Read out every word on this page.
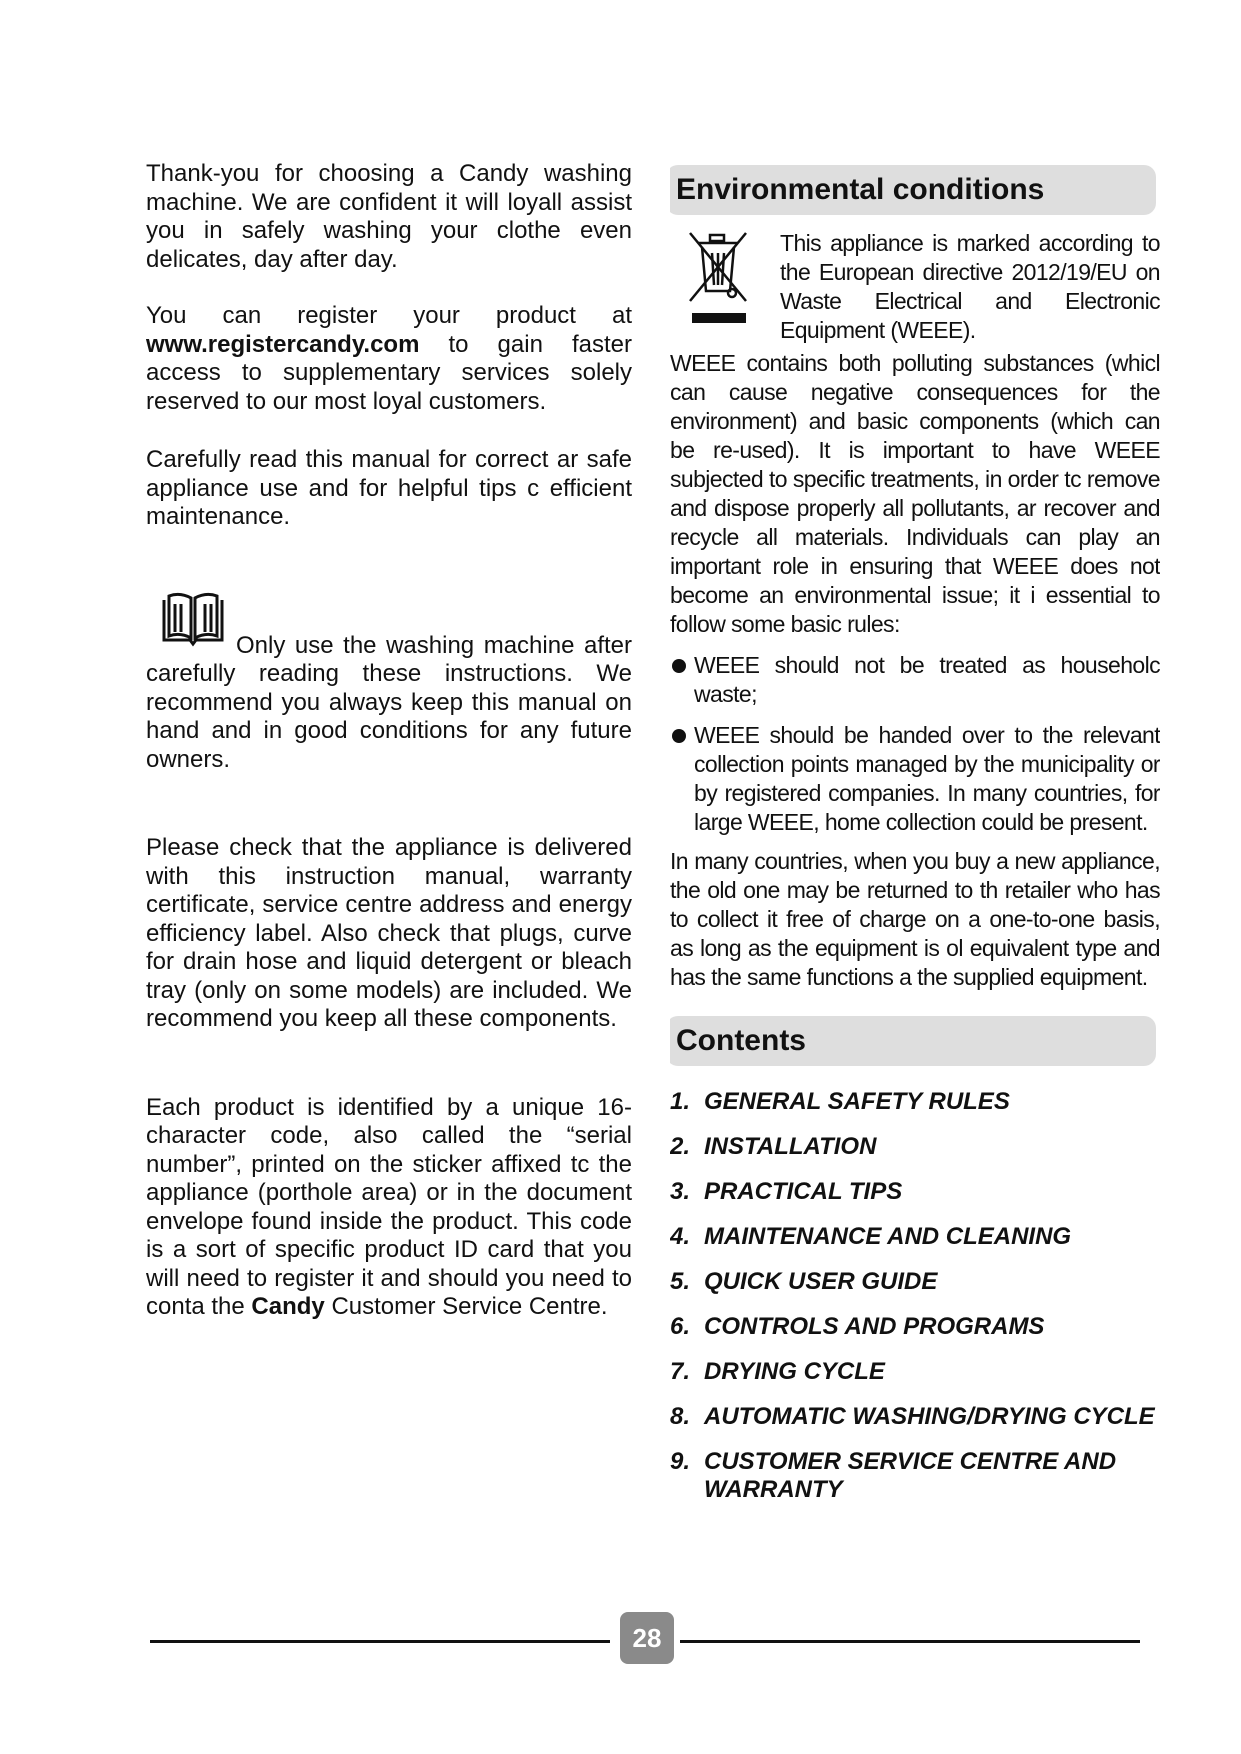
Thank-you for choosing a Candy washing machine. We are confident it will loyall assist you in safely washing your clothe even delicates, day after day.

You can register your product at www.registercandy.com to gain faster access to supplementary services solely reserved to our most loyal customers.

Carefully read this manual for correct ar safe appliance use and for helpful tips c efficient maintenance.

Only use the washing machine after carefully reading these instructions. We recommend you always keep this manual on hand and in good conditions for any future owners.

Please check that the appliance is delivered with this instruction manual, warranty certificate, service centre address and energy efficiency label. Also check that plugs, curve for drain hose and liquid detergent or bleach tray (only on some models) are included. We recommend you keep all these components.

Each product is identified by a unique 16-character code, also called the “serial number”, printed on the sticker affixed tc the appliance (porthole area) or in the document envelope found inside the product. This code is a sort of specific product ID card that you will need to register it and should you need to conta the Candy Customer Service Centre.

Environmental conditions

This appliance is marked according to the European directive 2012/19/EU on Waste Electrical and Electronic Equipment (WEEE).

WEEE contains both polluting substances (whicl can cause negative consequences for the environment) and basic components (which can be re-used). It is important to have WEEE subjected to specific treatments, in order tc remove and dispose properly all pollutants, ar recover and recycle all materials. Individuals can play an important role in ensuring that WEEE does not become an environmental issue; it i essential to follow some basic rules:

WEEE should not be treated as householc waste;

WEEE should be handed over to the relevant collection points managed by the municipality or by registered companies. In many countries, for large WEEE, home collection could be present.

In many countries, when you buy a new appliance, the old one may be returned to th retailer who has to collect it free of charge on a one-to-one basis, as long as the equipment is ol equivalent type and has the same functions a the supplied equipment.

Contents
1. GENERAL SAFETY RULES
2. INSTALLATION
3. PRACTICAL TIPS
4. MAINTENANCE AND CLEANING
5. QUICK USER GUIDE
6. CONTROLS AND PROGRAMS
7. DRYING CYCLE
8. AUTOMATIC WASHING/DRYING CYCLE
9. CUSTOMER SERVICE CENTRE AND WARRANTY
28
